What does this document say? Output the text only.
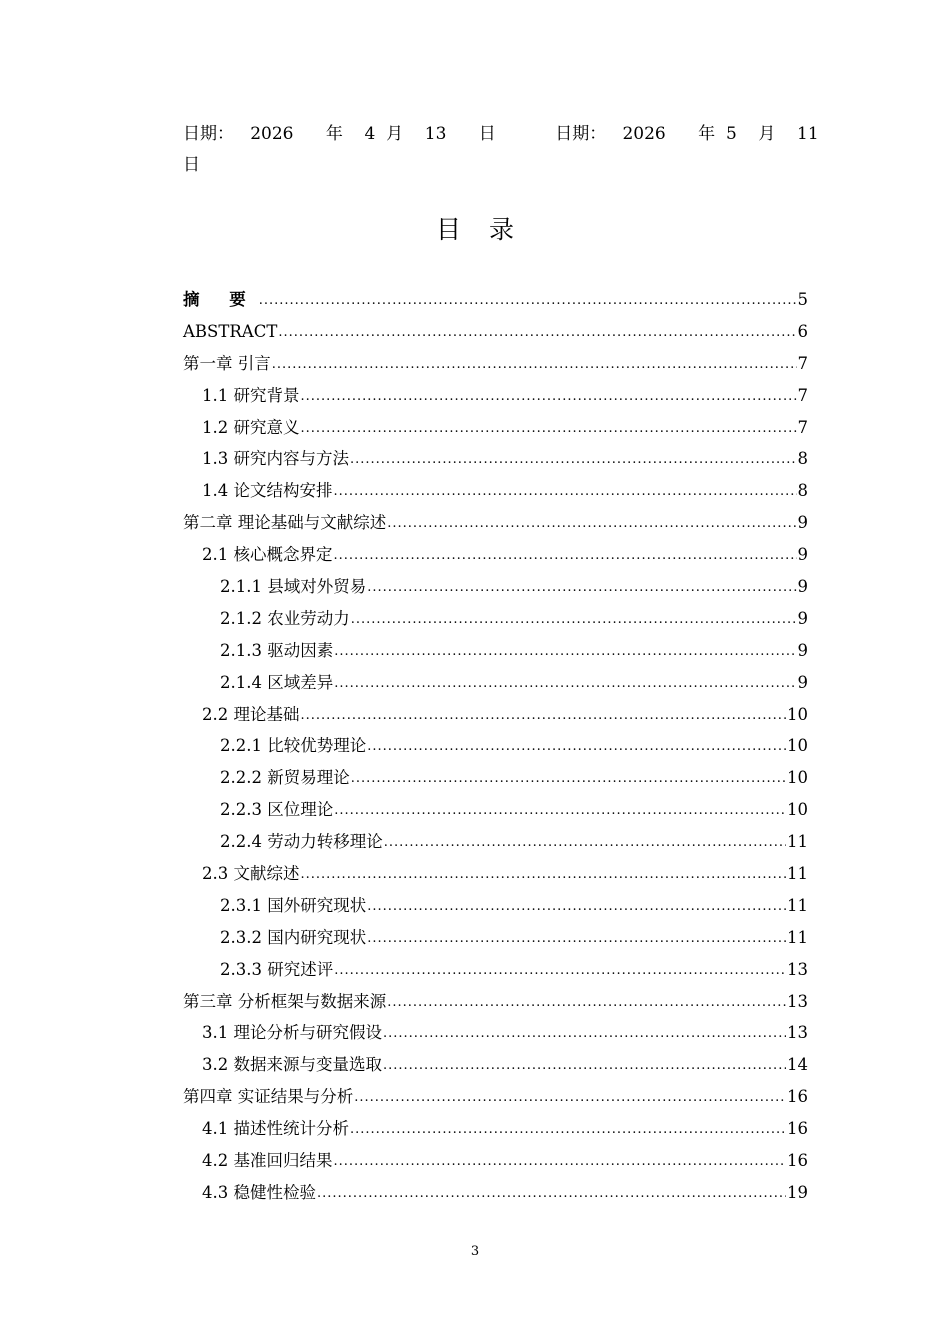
日期：   2026      年    4  月    13      日           日期：   2026      年  5    月    11
日
目录
摘 要 .....	5
ABSTRACT .....	6
第一章 引言 .....	7
1.1 研究背景 .....	7
1.2 研究意义 .....	7
1.3 研究内容与方法 .....	8
1.4 论文结构安排 .....	8
第二章 理论基础与文献综述 .....	9
2.1 核心概念界定 .....	9
2.1.1 县域对外贸易 .....	9
2.1.2 农业劳动力 .....	9
2.1.3 驱动因素 .....	9
2.1.4 区域差异 .....	9
2.2 理论基础 .....	10
2.2.1 比较优势理论 .....	10
2.2.2 新贸易理论 .....	10
2.2.3 区位理论 .....	10
2.2.4 劳动力转移理论 .....	11
2.3 文献综述 .....	11
2.3.1 国外研究现状 .....	11
2.3.2 国内研究现状 .....	11
2.3.3 研究述评 .....	13
第三章 分析框架与数据来源 .....	13
3.1 理论分析与研究假设 .....	13
3.2 数据来源与变量选取 .....	14
第四章 实证结果与分析 .....	16
4.1 描述性统计分析 .....	16
4.2 基准回归结果 .....	16
4.3 稳健性检验 .....	19
3
